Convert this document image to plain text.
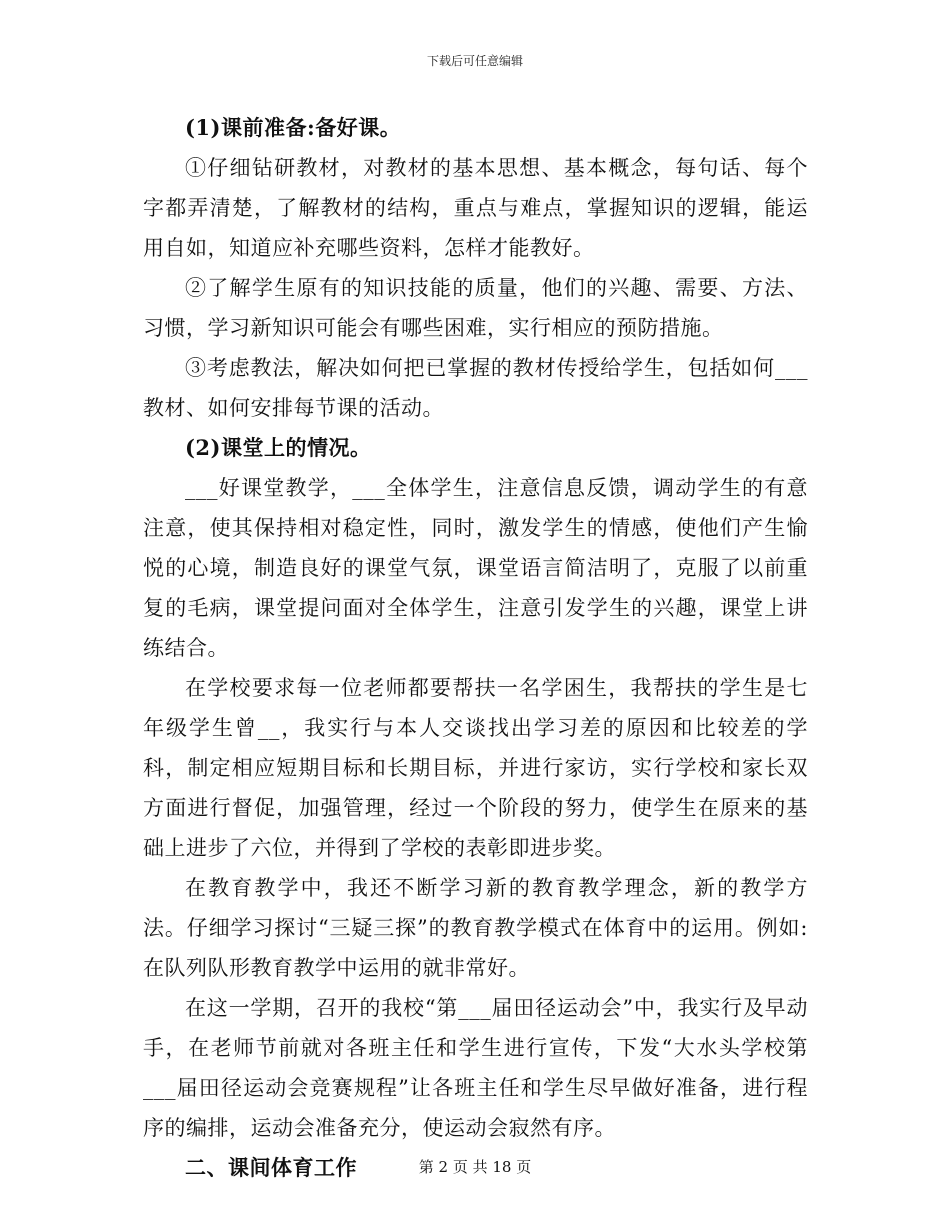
下载后可任意编辑

(1)课前准备:备好课。

①仔细钻研教材，对教材的基本思想、基本概念，每句话、每个字都弄清楚，了解教材的结构，重点与难点，掌握知识的逻辑，能运用自如，知道应补充哪些资料，怎样才能教好。

②了解学生原有的知识技能的质量，他们的兴趣、需要、方法、习惯，学习新知识可能会有哪些困难，实行相应的预防措施。

③考虑教法，解决如何把已掌握的教材传授给学生，包括如何___教材、如何安排每节课的活动。

(2)课堂上的情况。

___好课堂教学，___全体学生，注意信息反馈，调动学生的有意注意，使其保持相对稳定性，同时，激发学生的情感，使他们产生愉悦的心境，制造良好的课堂气氛，课堂语言简洁明了，克服了以前重复的毛病，课堂提问面对全体学生，注意引发学生的兴趣，课堂上讲练结合。

在学校要求每一位老师都要帮扶一名学困生，我帮扶的学生是七年级学生曾__，我实行与本人交谈找出学习差的原因和比较差的学科，制定相应短期目标和长期目标，并进行家访，实行学校和家长双方面进行督促，加强管理，经过一个阶段的努力，使学生在原来的基础上进步了六位，并得到了学校的表彰即进步奖。

在教育教学中，我还不断学习新的教育教学理念，新的教学方法。仔细学习探讨“三疑三探”的教育教学模式在体育中的运用。例如:在队列队形教育教学中运用的就非常好。

在这一学期，召开的我校“第___届田径运动会”中，我实行及早动手，在老师节前就对各班主任和学生进行宣传，下发“大水头学校第___届田径运动会竞赛规程”让各班主任和学生尽早做好准备，进行程序的编排，运动会准备充分，使运动会寂然有序。

二、课间体育工作	第 2 页 共 18 页
